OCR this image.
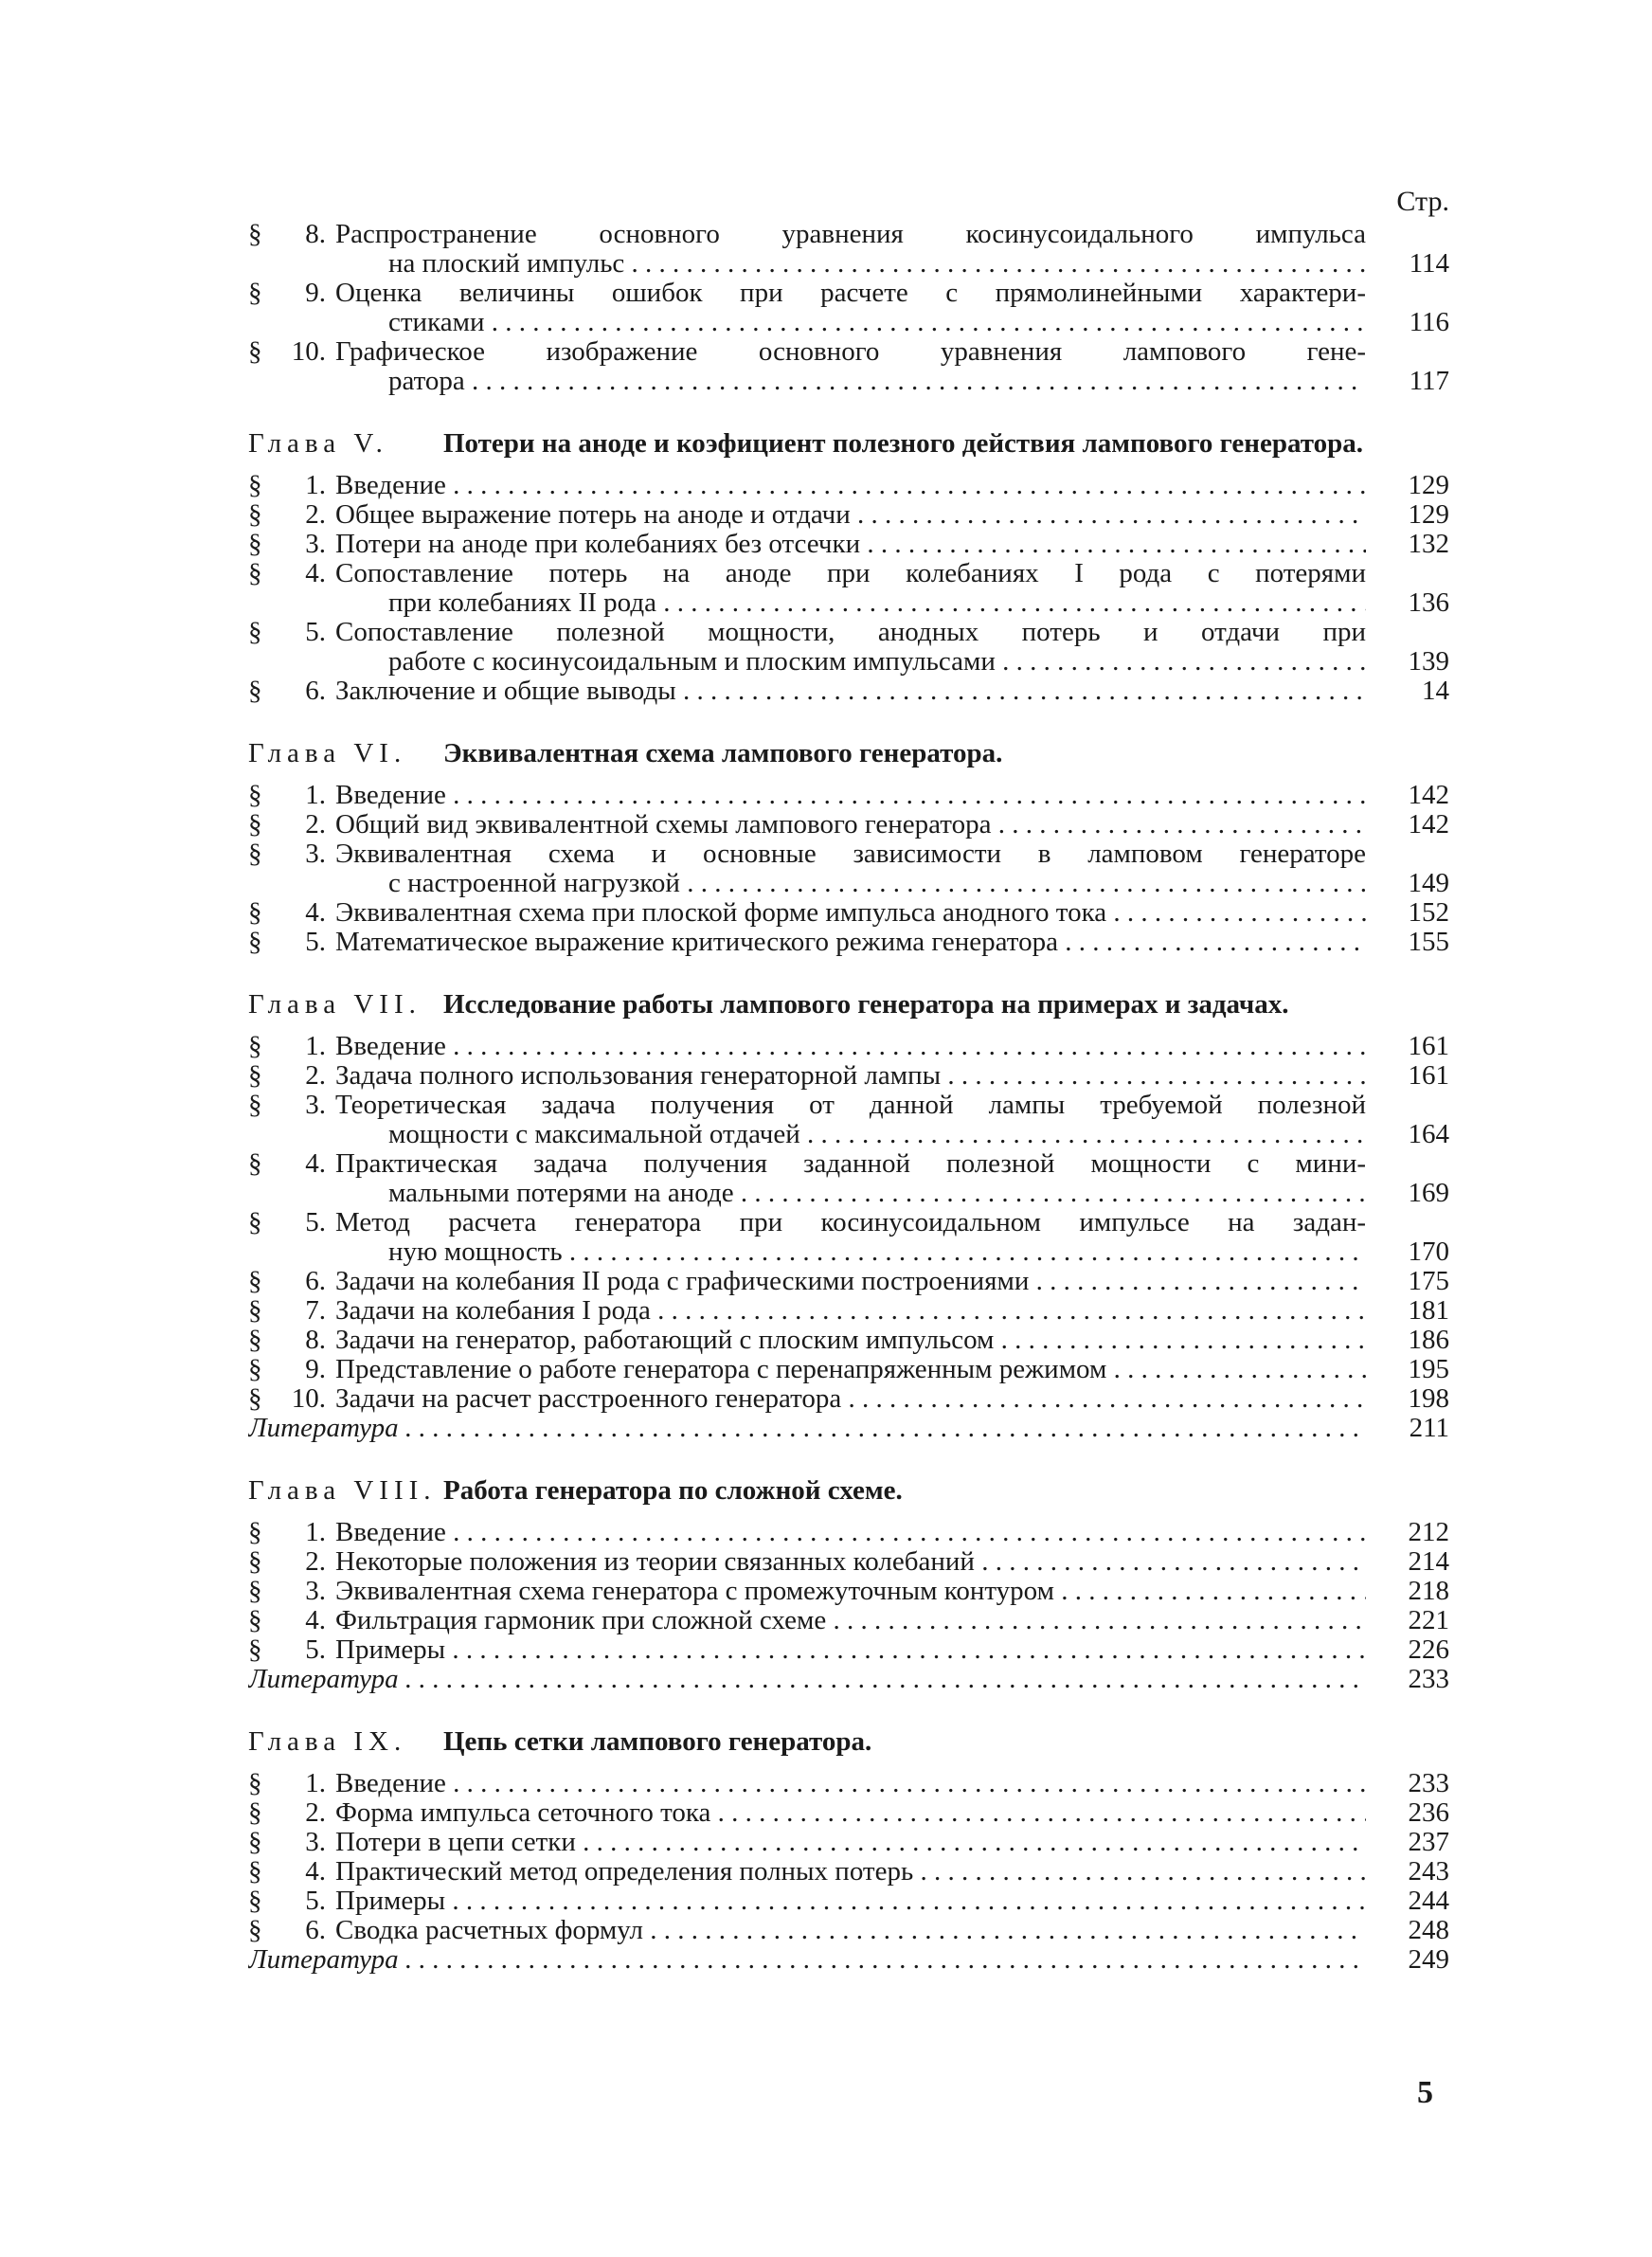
Стр.
§	8. Распространение основного уравнения косинусоидального импульса
на плоский импульс . . .	114
§	9. Оценка величины ошибок при расчете с прямолинейными характери-
стиками . . .	116
§	10. Графическое изображение основного уравнения лампового гене-
ратора . . .	117
Глава V.	Потери на аноде и коэфициент полезного действия лампового генератора.
§	1. Введение . . .	129
§	2. Общее выражение потерь на аноде и отдачи . . .	129
§	3. Потери на аноде при колебаниях без отсечки . . .	132
§	4. Сопоставление потерь на аноде при колебаниях I рода с потерями
при колебаниях II рода . . .	136
§	5. Сопоставление полезной мощности, анодных потерь и отдачи при
работе с косинусоидальным и плоским импульсами . . .	139
§	6. Заключение и общие выводы . . .	14
Глава VI.	Эквивалентная схема лампового генератора.
§	1. Введение . . .	142
§	2. Общий вид эквивалентной схемы лампового генератора . . .	142
§	3. Эквивалентная схема и основные зависимости в ламповом генераторе
с настроенной нагрузкой . . .	149
§	4. Эквивалентная схема при плоской форме импульса анодного тока . . .	152
§	5. Математическое выражение критического режима генератора . . .	155
Глава VII. Исследование работы лампового генератора на примерах и задачах.
§	1. Введение . . .	161
§	2. Задача полного использования генераторной лампы . . .	161
§	3. Теоретическая задача получения от данной лампы требуемой полезной
мощности с максимальной отдачей . . .	164
§	4. Практическая задача получения заданной полезной мощности с мини-
мальными потерями на аноде . . .	169
§	5. Метод расчета генератора при косинусоидальном импульсе на задан-
ную мощность . . .	170
§	6. Задачи на колебания II рода с графическими построениями . . .	175
§	7. Задачи на колебания I рода . . .	181
§	8. Задачи на генератор, работающий с плоским импульсом . . .	186
§	9. Представление о работе генератора с перенапряженным режимом . . .	195
§	10. Задачи на расчет расстроенного генератора . . .	198
Литература . . .	211
Глава VIII. Работа генератора по сложной схеме.
§	1. Введение . . .	212
§	2. Некоторые положения из теории связанных колебаний . . .	214
§	3. Эквивалентная схема генератора с промежуточным контуром . . .	218
§	4. Фильтрация гармоник при сложной схеме . . .	221
§	5. Примеры . . .	226
Литература . . .	233
Глава IX.	Цепь сетки лампового генератора.
§	1. Введение . . .	233
§	2. Форма импульса сеточного тока . . .	236
§	3. Потери в цепи сетки . . .	237
§	4. Практический метод определения полных потерь . . .	243
§	5. Примеры . . .	244
§	6. Сводка расчетных формул . . .	248
Литература . . .	249
5
